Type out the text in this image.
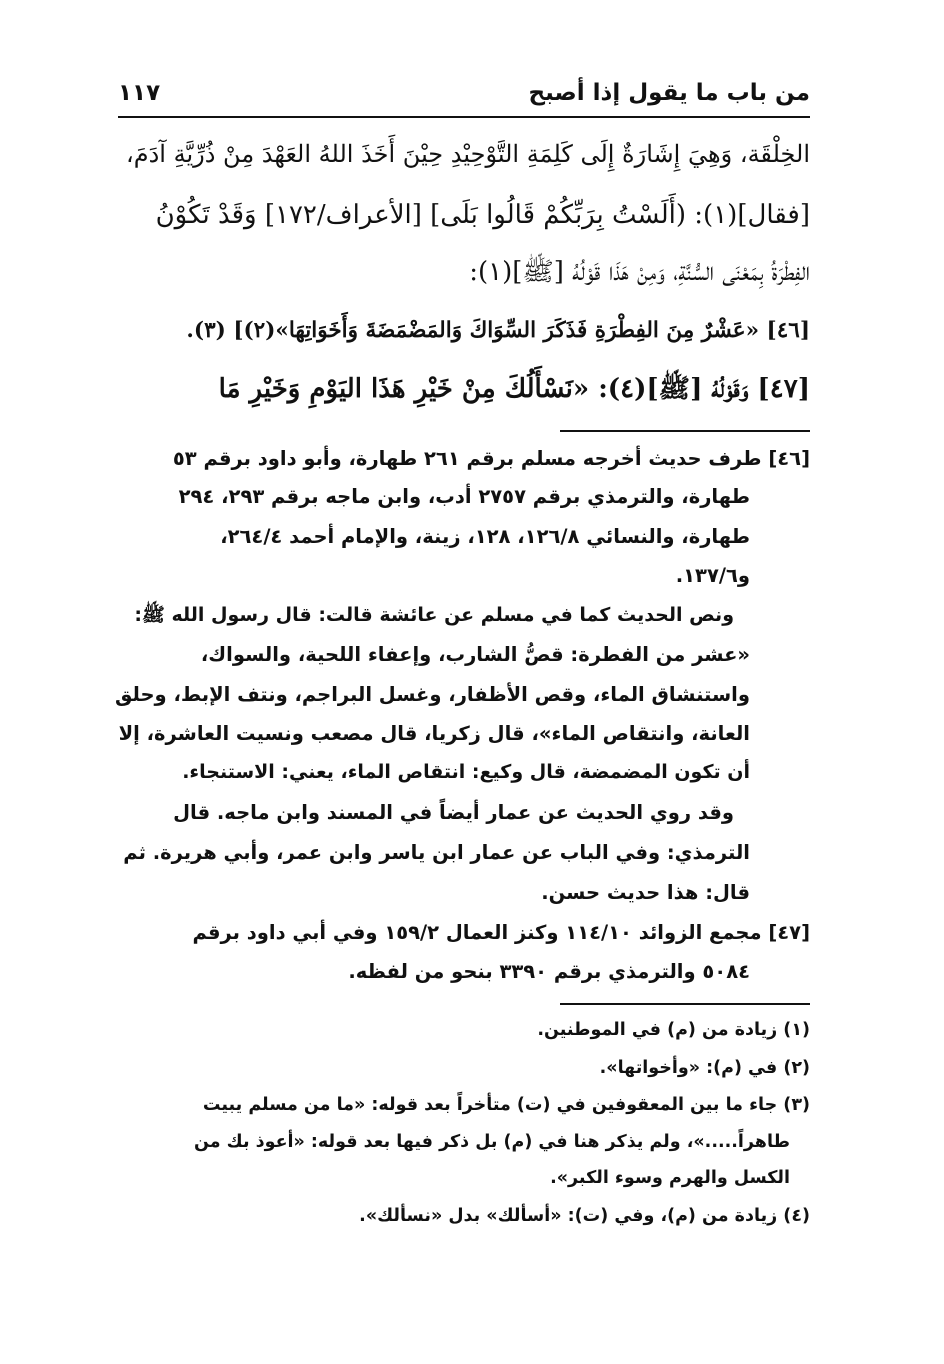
من باب ما يقول إذا أصبح
١١٧
الخِلْقَة، وَهِيَ إِشَارَةٌ إِلَى كَلِمَةِ التَّوْحِيْدِ حِيْنَ أَخَذَ اللهُ العَهْدَ مِنْ ذُرِّيَّةِ آدَمَ،
[فقال](١): (أَلَسْتُ بِرَبِّكُمْ قَالُوا بَلَى] [الأعراف/١٧٢] وَقَدْ تَكُوْنُ
الفِطْرَةُ بِمَعْنَى السُّنَّةِ، وَمِنْ هَذَا قَوْلُهُ [ﷺ](١):
[٤٦] «عَشْرٌ مِنَ الفِطْرَةِ فَذَكَرَ السِّوَاكَ وَالمَضْمَضَةَ وَأَخَوَاتِهَا»(٢)] (٣).
[٤٧] وَقَوْلُهُ [ﷺ](٤): «نَسْأَلُكَ مِنْ خَيْرِ هَذَا اليَوْمِ وَخَيْرِ مَا
[٤٦] طرف حديث أخرجه مسلم برقم ٢٦١ طهارة، وأبو داود برقم ٥٣
طهارة، والترمذي برقم ٢٧٥٧ أدب، وابن ماجه برقم ٢٩٣، ٢٩٤
طهارة، والنسائي ١٢٦/٨، ١٢٨، زينة، والإمام أحمد ٢٦٤/٤،
و١٣٧/٦.
ونص الحديث كما في مسلم عن عائشة قالت: قال رسول الله ﷺ:
«عشر من الفطرة: قصُّ الشارب، وإعفاء اللحية، والسواك،
واستنشاق الماء، وقص الأظفار، وغسل البراجم، ونتف الإبط، وحلق
العانة، وانتقاص الماء»، قال زكريا، قال مصعب ونسيت العاشرة، إلا
أن تكون المضمضة، قال وكيع: انتقاص الماء، يعني: الاستنجاء.
وقد روي الحديث عن عمار أيضاً في المسند وابن ماجه. قال
الترمذي: وفي الباب عن عمار ابن ياسر وابن عمر، وأبي هريرة. ثم
قال: هذا حديث حسن.
[٤٧] مجمع الزوائد ١١٤/١٠ وكنز العمال ١٥٩/٢ وفي أبي داود برقم
٥٠٨٤ والترمذي برقم ٣٣٩٠ بنحو من لفظه.
(١) زيادة من (م) في الموطنين.
(٢) في (م): «وأخواتها».
(٣) جاء ما بين المعقوفين في (ت) متأخراً بعد قوله: «ما من مسلم يبيت
طاهراً.....»، ولم يذكر هنا في (م) بل ذكر فيها بعد قوله: «أعوذ بك من
الكسل والهرم وسوء الكبر».
(٤) زيادة من (م)، وفي (ت): «أسألك» بدل «نسألك».
